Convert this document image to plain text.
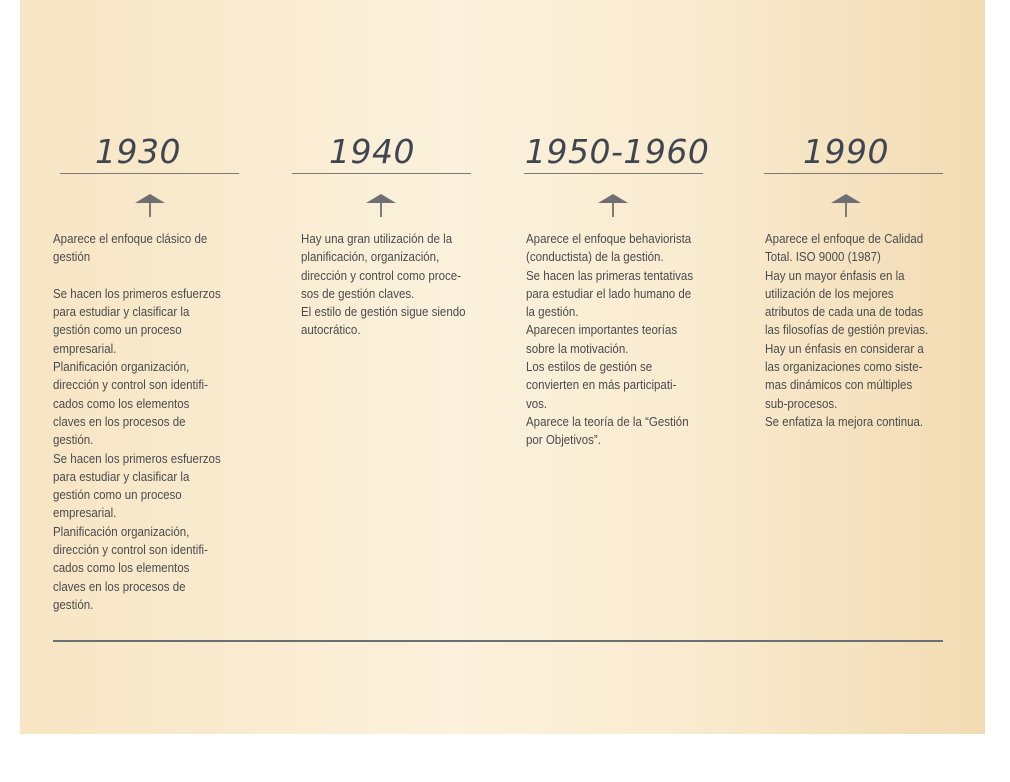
1930
Aparece el enfoque clásico de
gestión
Se hacen los primeros esfuerzos
para estudiar y clasificar la
gestión como un proceso
empresarial.
Planificación organización,
dirección y control son identifi-
cados como los elementos
claves en los procesos de
gestión.
Se hacen los primeros esfuerzos
para estudiar y clasificar la
gestión como un proceso
empresarial.
Planificación organización,
dirección y control son identifi-
cados como los elementos
claves en los procesos de
gestión.
1940
Hay una gran utilización de la
planificación, organización,
dirección y control como proce-
sos de gestión claves.
El estilo de gestión sigue siendo
autocrático.
1950-1960
Aparece el enfoque behaviorista
(conductista) de la gestión.
Se hacen las primeras tentativas
para estudiar el lado humano de
la gestión.
Aparecen importantes teorías
sobre la motivación.
Los estilos de gestión se
convierten en más participati-
vos.
Aparece la teoría de la “Gestión
por Objetivos”.
1990
Aparece el enfoque de Calidad
Total. ISO 9000 (1987)
Hay un mayor énfasis en la
utilización de los mejores
atributos de cada una de todas
las filosofías de gestión previas.
Hay un énfasis en considerar a
las organizaciones como siste-
mas dinámicos con múltiples
sub-procesos.
Se enfatiza la mejora continua.
